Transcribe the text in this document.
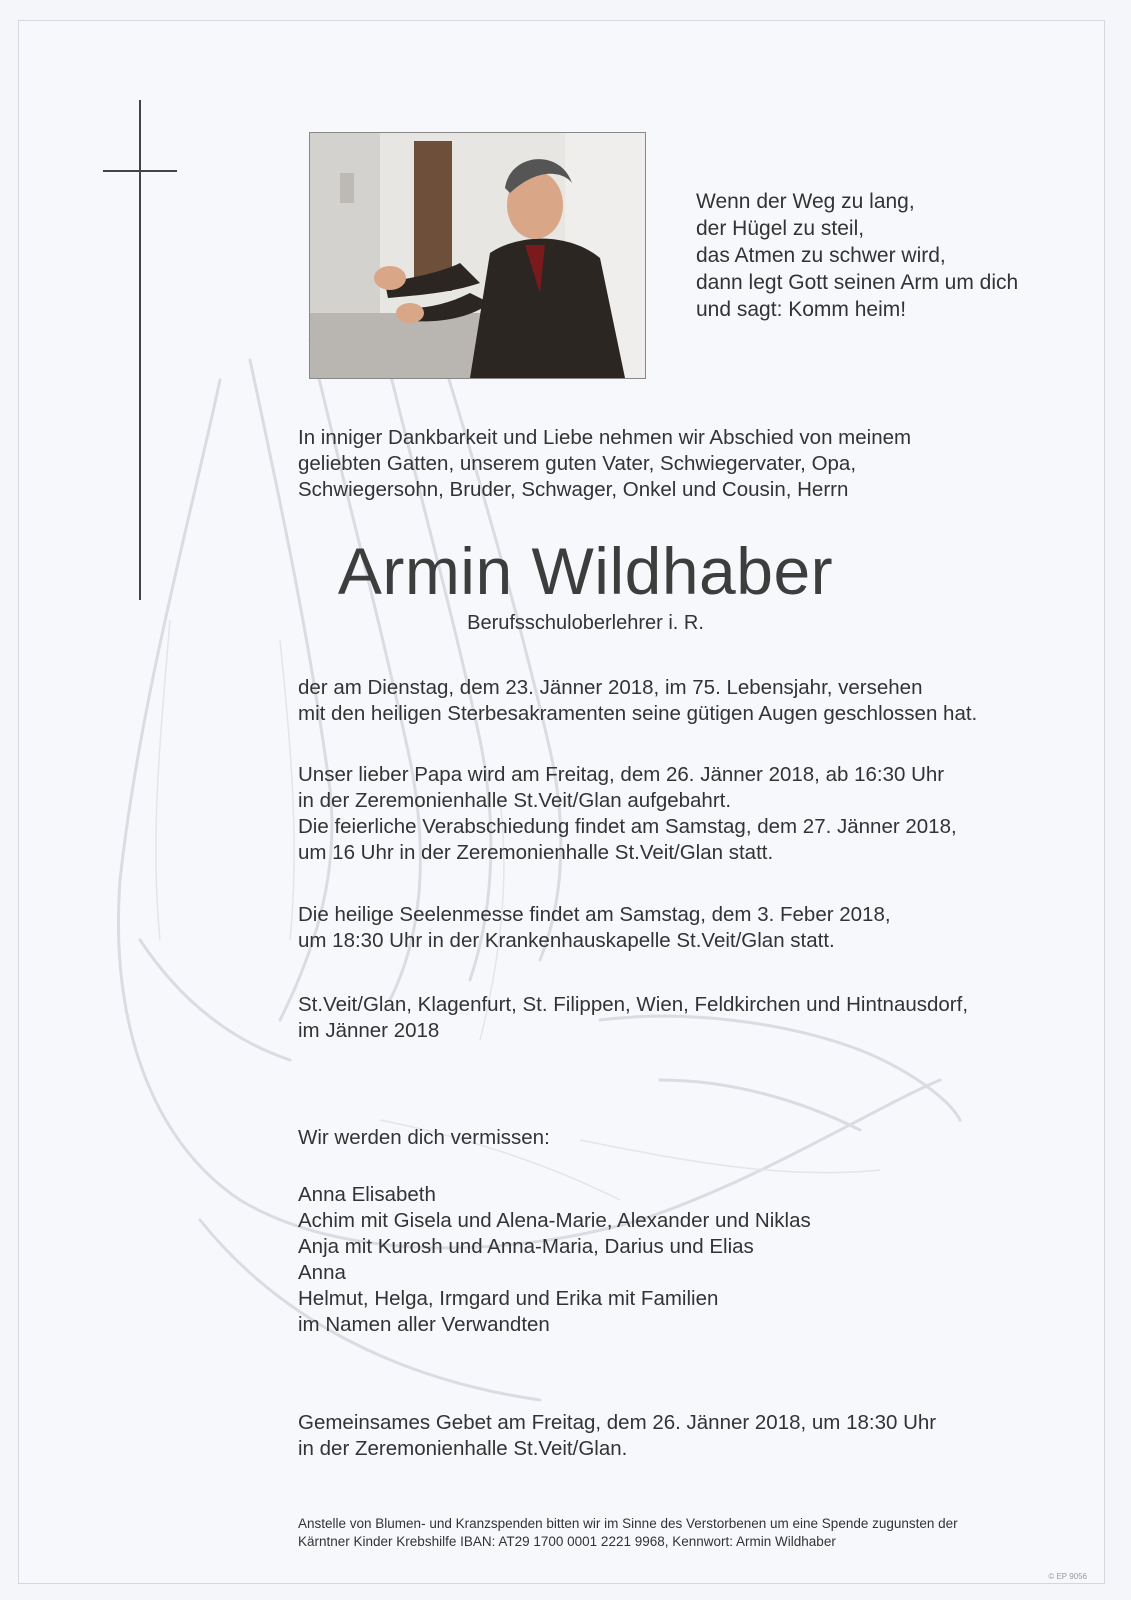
Wenn der Weg zu lang,
der Hügel zu steil,
das Atmen zu schwer wird,
dann legt Gott seinen Arm um dich
und sagt: Komm heim!
In inniger Dankbarkeit und Liebe nehmen wir Abschied von meinem
geliebten Gatten, unserem guten Vater, Schwiegervater, Opa,
Schwiegersohn, Bruder, Schwager, Onkel und Cousin, Herrn
Armin Wildhaber
Berufsschuloberlehrer i. R.
der am Dienstag, dem 23. Jänner 2018, im 75. Lebensjahr, versehen
mit den heiligen Sterbesakramenten seine gütigen Augen geschlossen hat.
Unser lieber Papa wird am Freitag, dem 26. Jänner 2018, ab 16:30 Uhr
in der Zeremonienhalle St.Veit/Glan aufgebahrt.
Die feierliche Verabschiedung findet am Samstag, dem 27. Jänner 2018,
um 16 Uhr in der Zeremonienhalle St.Veit/Glan statt.
Die heilige Seelenmesse findet am Samstag, dem 3. Feber 2018,
um 18:30 Uhr in der Krankenhauskapelle St.Veit/Glan statt.
St.Veit/Glan, Klagenfurt, St. Filippen, Wien, Feldkirchen und Hintnausdorf,
im Jänner 2018
Wir werden dich vermissen:
Anna Elisabeth
Achim mit Gisela und Alena-Marie, Alexander und Niklas
Anja mit Kurosh und Anna-Maria, Darius und Elias
Anna
Helmut, Helga, Irmgard und Erika mit Familien
im Namen aller Verwandten
Gemeinsames Gebet am Freitag, dem 26. Jänner 2018, um 18:30 Uhr
in der Zeremonienhalle St.Veit/Glan.
Anstelle von Blumen- und Kranzspenden bitten wir im Sinne des Verstorbenen um eine Spende zugunsten der
Kärntner Kinder Krebshilfe IBAN: AT29 1700 0001 2221 9968, Kennwort: Armin Wildhaber
© EP 9056
